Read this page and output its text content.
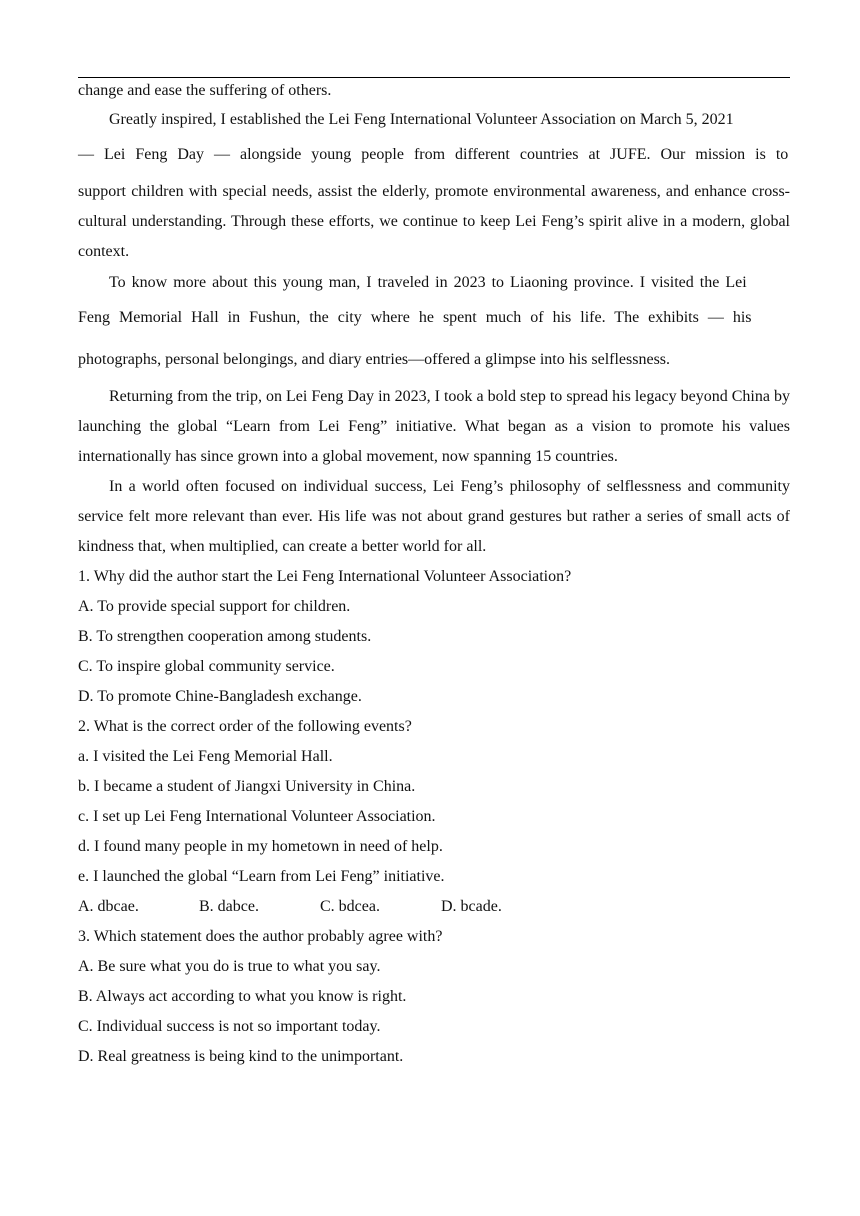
change and ease the suffering of others.
Greatly inspired, I established the Lei Feng International Volunteer Association on March 5, 2021
— Lei Feng Day — alongside young people from different countries at JUFE. Our mission is to
support children with special needs, assist the elderly, promote environmental awareness, and enhance cross-cultural understanding. Through these efforts, we continue to keep Lei Feng’s spirit alive in a modern, global context.
To know more about this young man, I traveled in 2023 to Liaoning province. I visited the Lei
Feng Memorial Hall in Fushun, the city where he spent much of his life. The exhibits — his
photographs, personal belongings, and diary entries—offered a glimpse into his selflessness.
Returning from the trip, on Lei Feng Day in 2023, I took a bold step to spread his legacy beyond China by launching the global “Learn from Lei Feng” initiative. What began as a vision to promote his values internationally has since grown into a global movement, now spanning 15 countries.
In a world often focused on individual success, Lei Feng’s philosophy of selflessness and community service felt more relevant than ever. His life was not about grand gestures but rather a series of small acts of kindness that, when multiplied, can create a better world for all.
1. Why did the author start the Lei Feng International Volunteer Association?
A. To provide special support for children.
B. To strengthen cooperation among students.
C. To inspire global community service.
D. To promote Chine-Bangladesh exchange.
2. What is the correct order of the following events?
a. I visited the Lei Feng Memorial Hall.
b. I became a student of Jiangxi University in China.
c. I set up Lei Feng International Volunteer Association.
d. I found many people in my hometown in need of help.
e. I launched the global “Learn from Lei Feng” initiative.
A. dbcae.	B. dabce.	C. bdcea.	D. bcade.
3. Which statement does the author probably agree with?
A. Be sure what you do is true to what you say.
B. Always act according to what you know is right.
C. Individual success is not so important today.
D. Real greatness is being kind to the unimportant.
